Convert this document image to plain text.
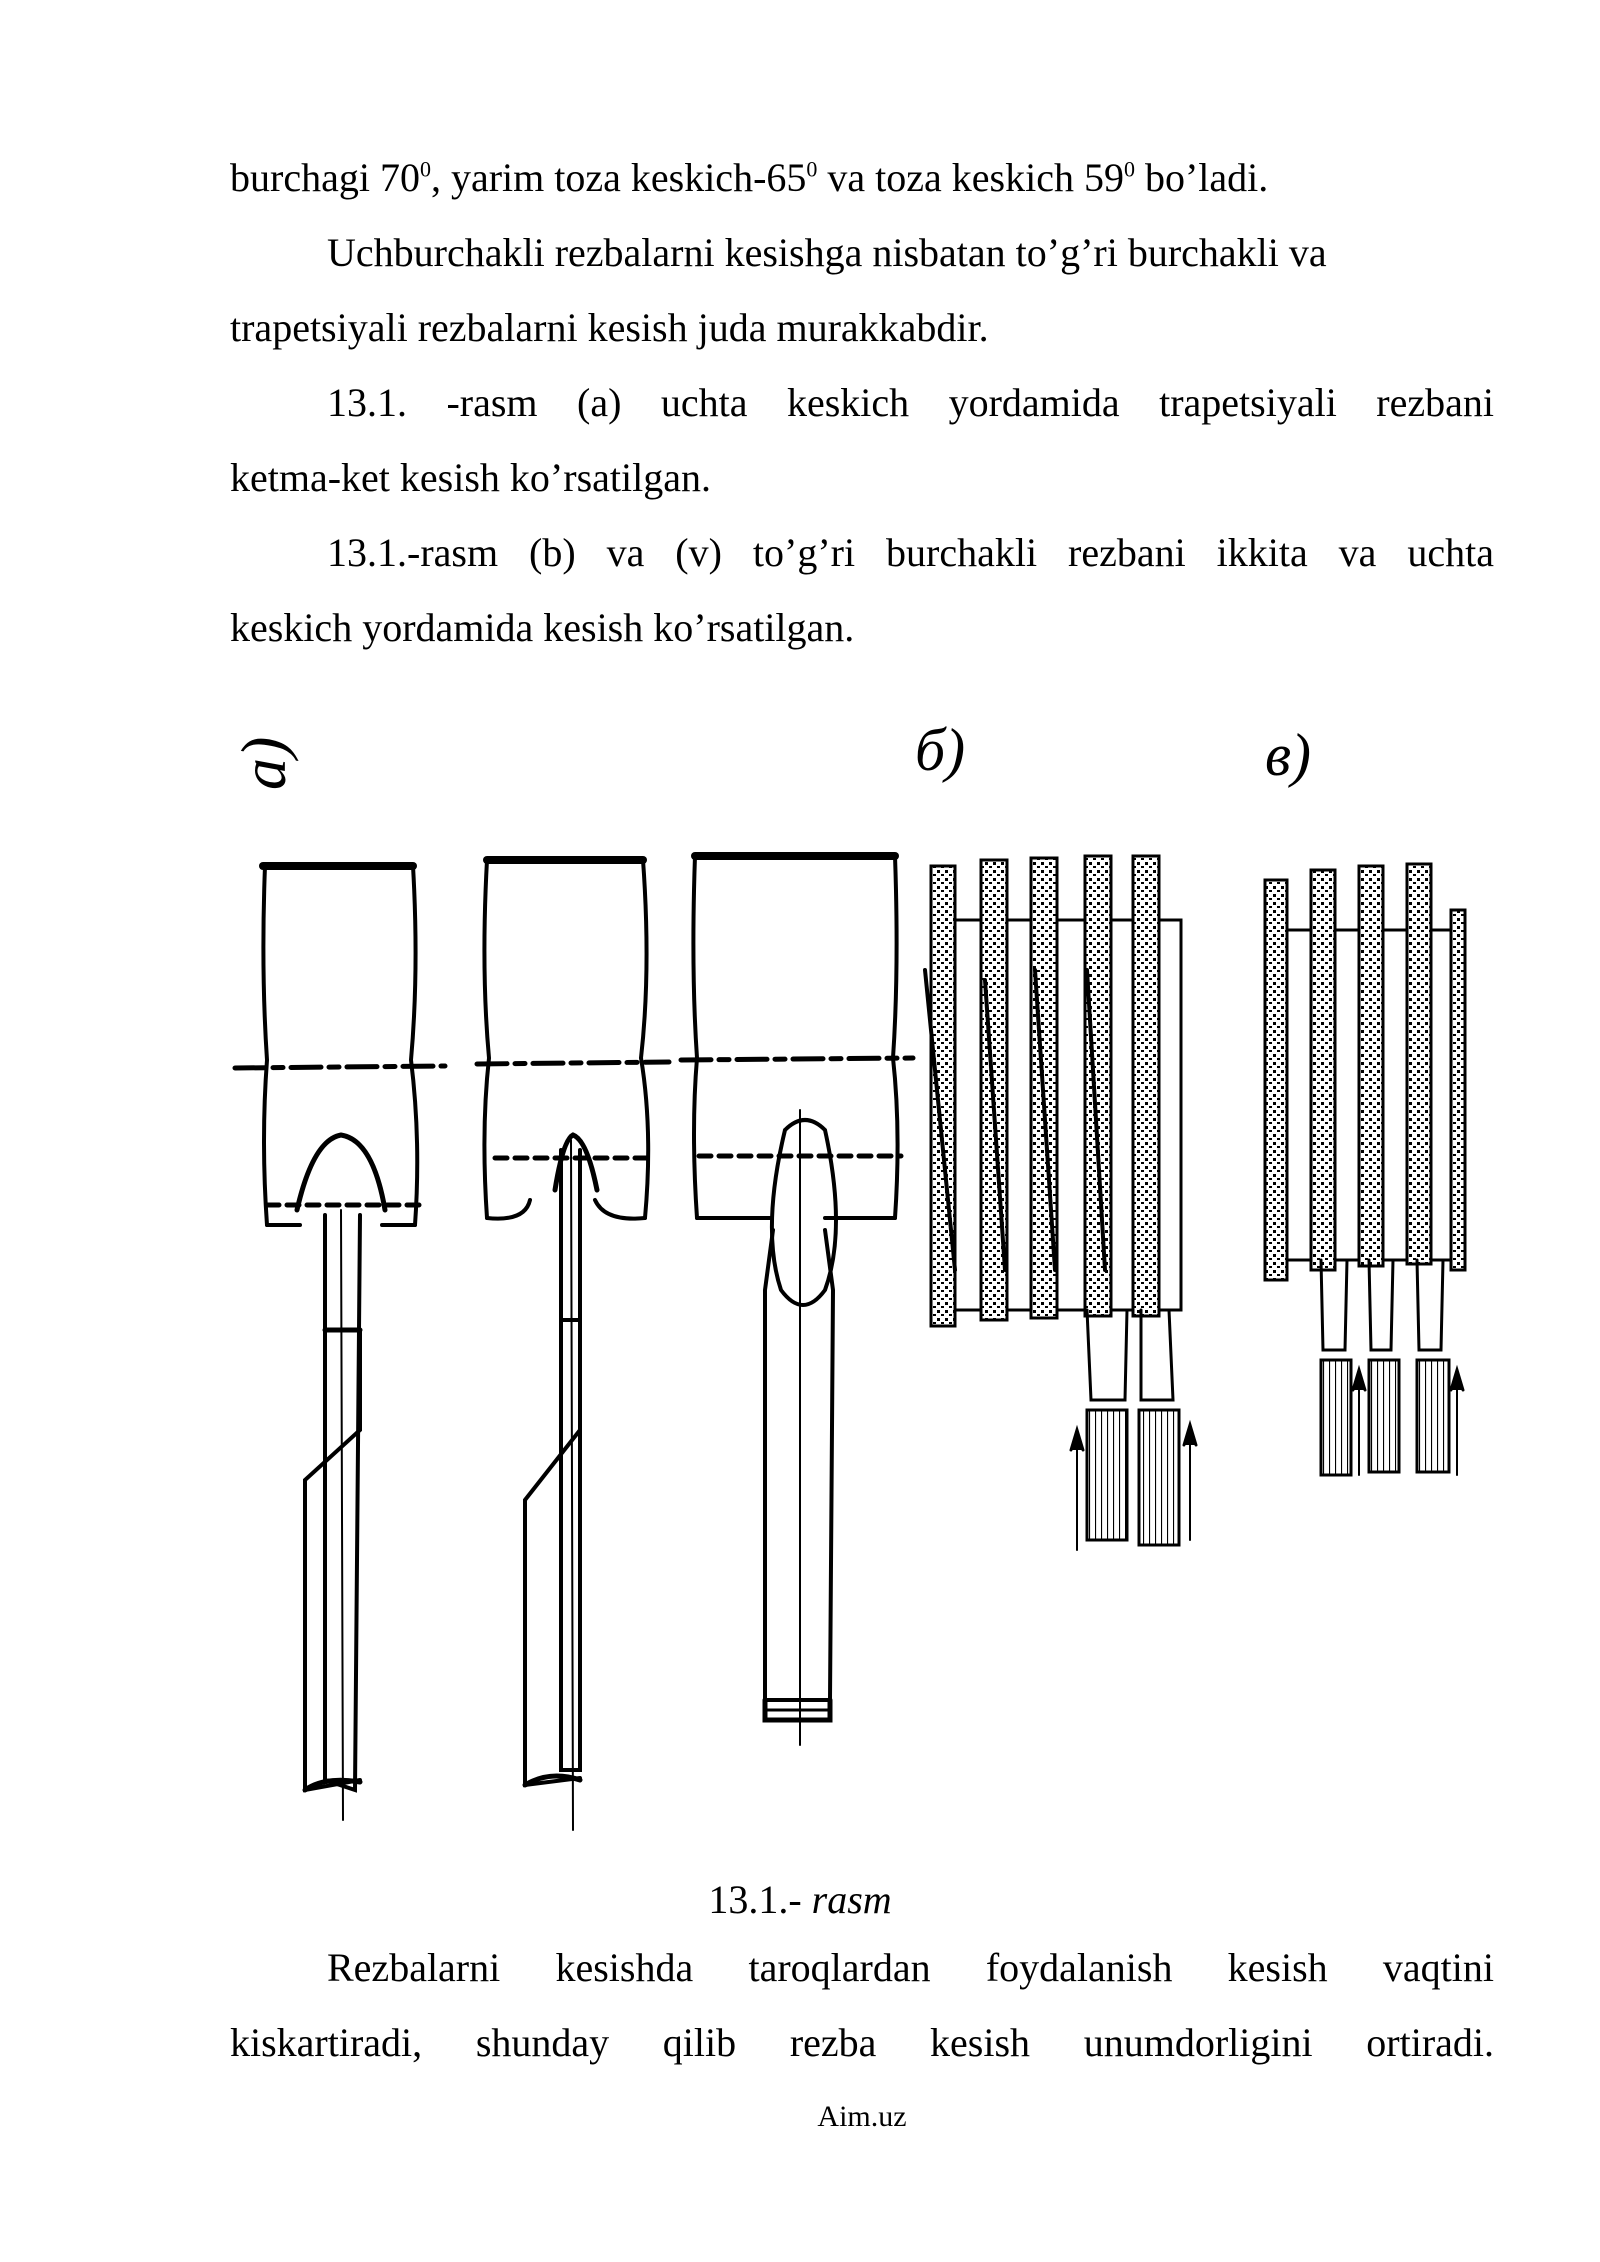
burchagi $70^0$, yarim toza keskich-$65^0$ va toza keskich $59^0$ bo’ladi.

Uchburchakli rezbalarni kesishga nisbatan to’g’ri burchakli va

trapetsiyali rezbalarni kesish juda murakkabdir.

13.1. -rasm (a) uchta keskich yordamida trapetsiyali rezbani

ketma-ket kesish ko’rsatilgan.

13.1.-rasm (b) va (v) to’g’ri burchakli rezbani ikkita va uchta

keskich yordamida kesish ko’rsatilgan.

a)	б)	в)
13.1.- rasm

Rezbalarni kesishda taroqlardan foydalanish kesish vaqtini

kiskartiradi, shunday qilib rezba kesish unumdorligini ortiradi.

Aim.uz
